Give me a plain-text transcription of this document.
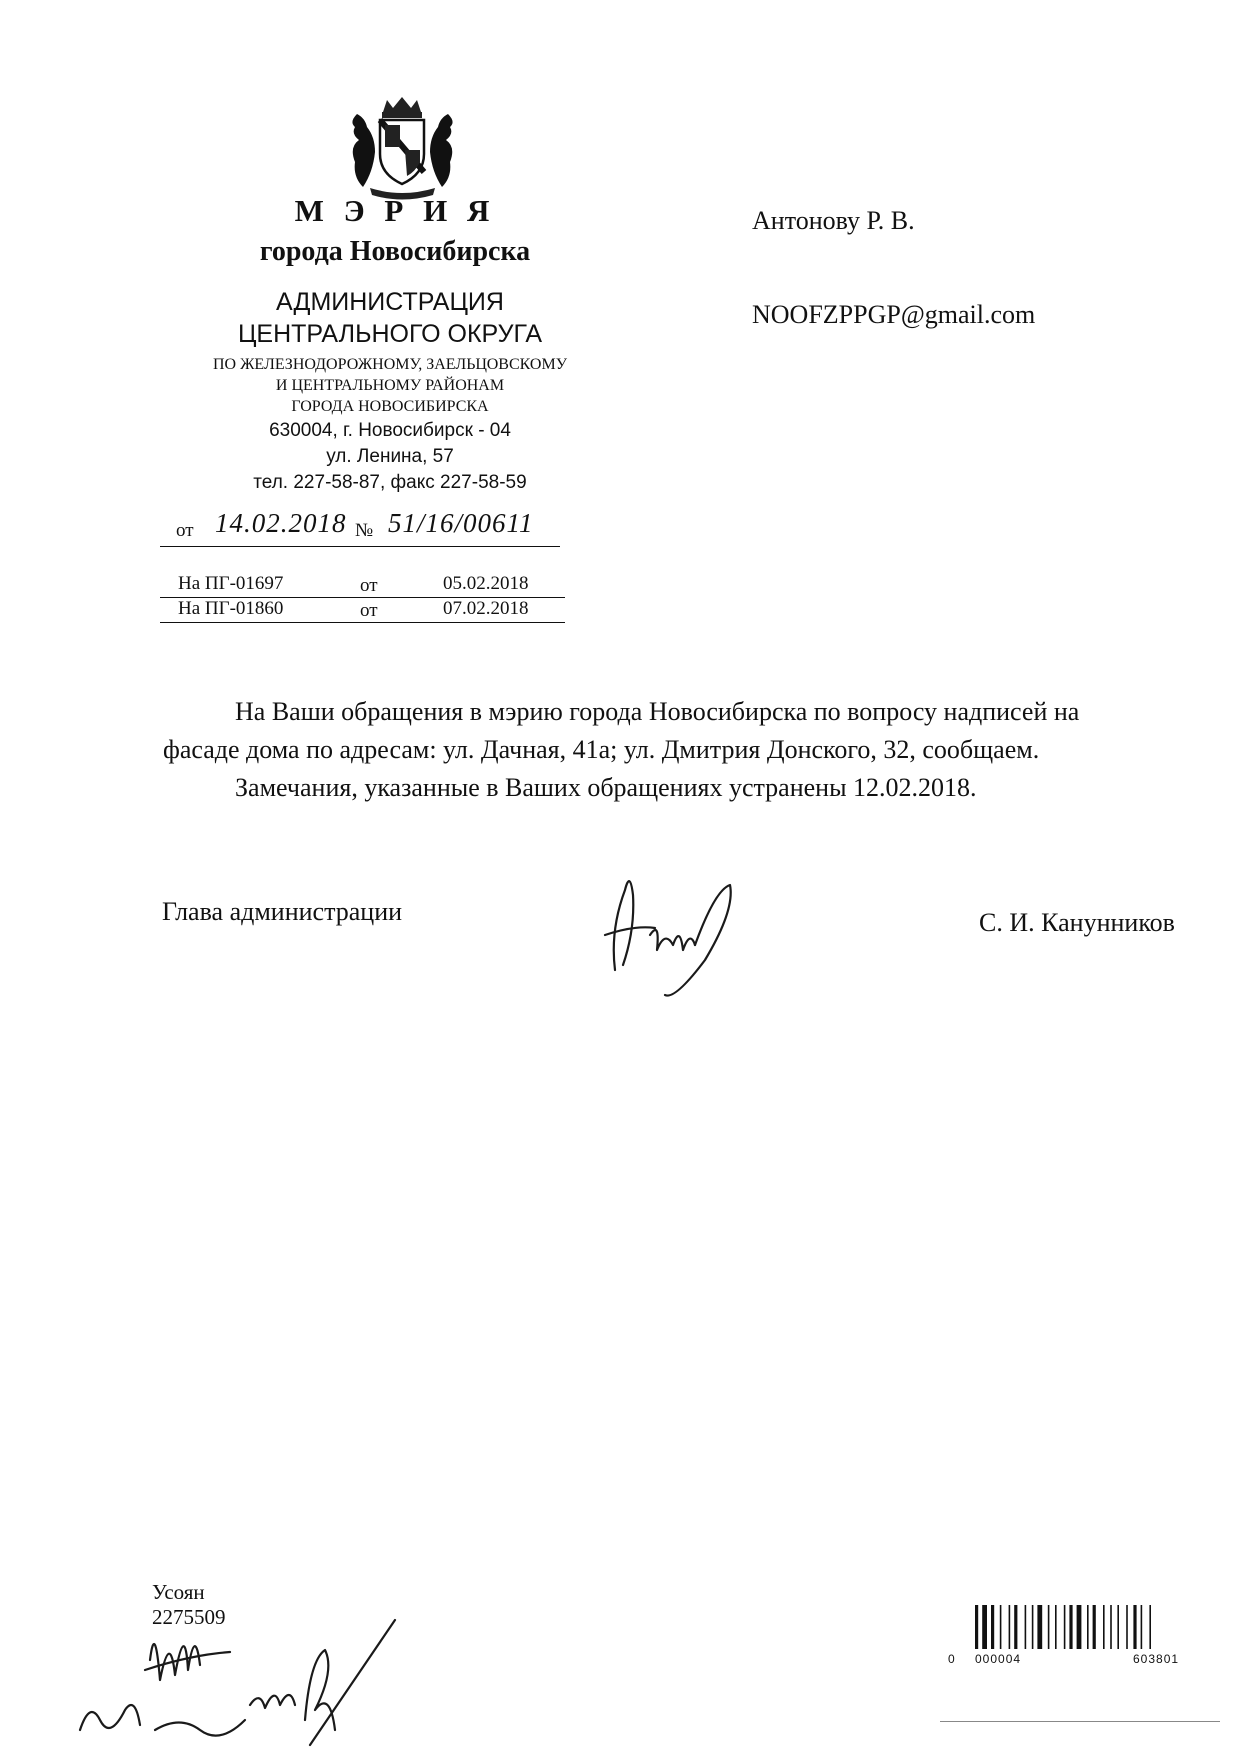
М Э Р И Я
города Новосибирска
АДМИНИСТРАЦИЯ
ЦЕНТРАЛЬНОГО ОКРУГА
ПО ЖЕЛЕЗНОДОРОЖНОМУ, ЗАЕЛЬЦОВСКОМУ
И ЦЕНТРАЛЬНОМУ РАЙОНАМ
ГОРОДА НОВОСИБИРСКА
630004, г. Новосибирск - 04
ул. Ленина, 57
тел. 227-58-87, факс 227-58-59
от 14.02.2018 № 51/16/00611
На ПГ-01697	от	05.02.2018
На ПГ-01860	от	07.02.2018
Антонову Р. В.
NOOFZPPGP@gmail.com

На Ваши обращения в мэрию города Новосибирска по вопросу надписей на

фасаде дома по адресам: ул. Дачная, 41а; ул. Дмитрия Донского, 32, сообщаем.

Замечания, указанные в Ваших обращениях устранены 12.02.2018.

Глава администрации	С. И. Канунников
Усоян
2275509
0 000004	603801
